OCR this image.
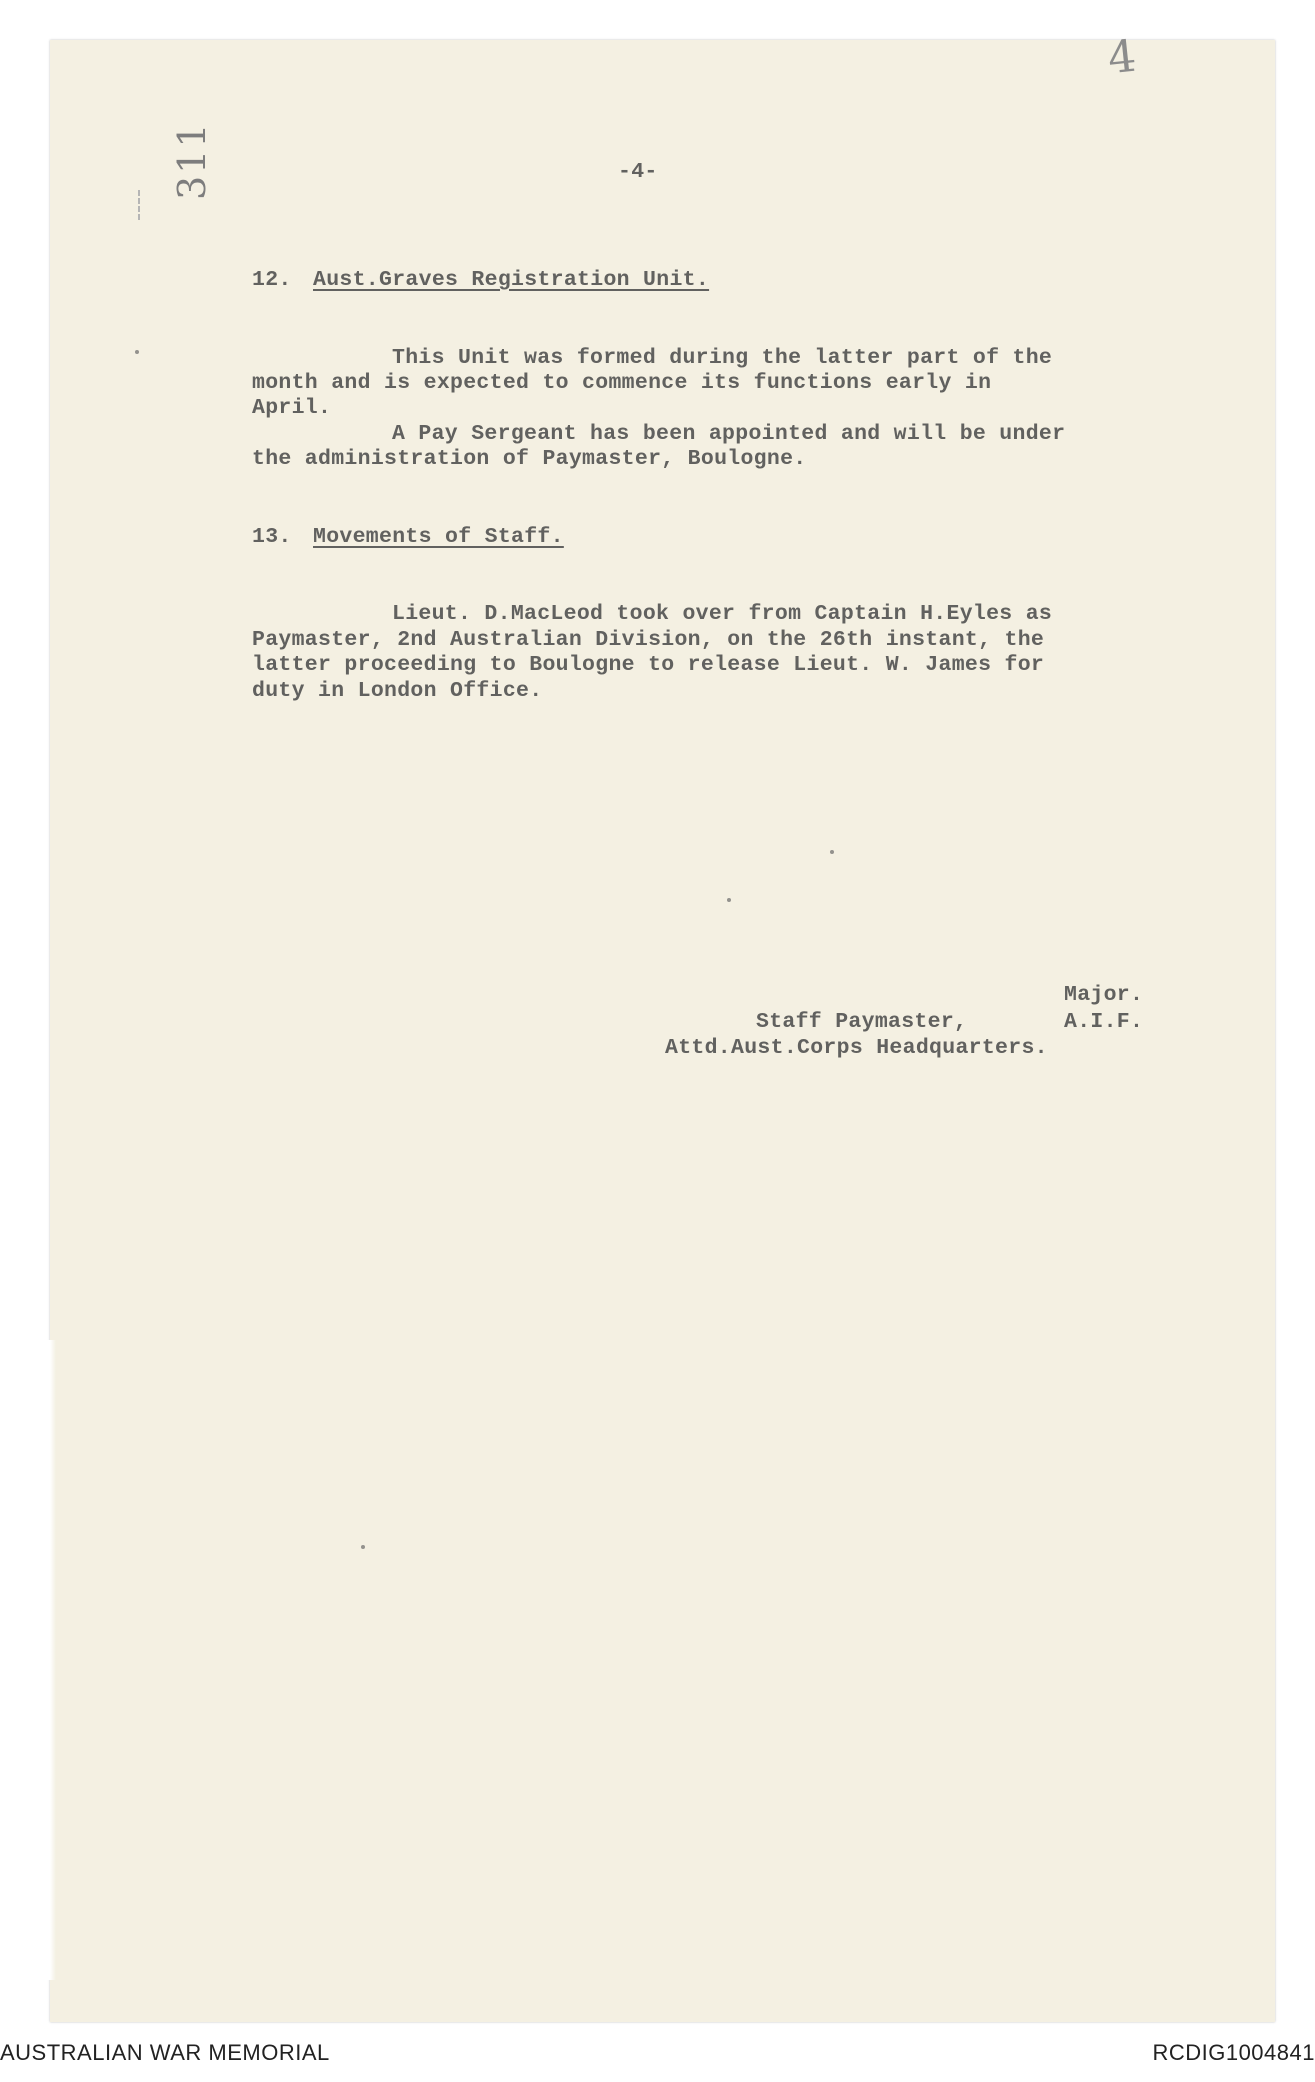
4
311	-4-
12. Aust.Graves Registration Unit.
This Unit was formed during the latter part of the
month and is expected to commence its functions early in
April.
A Pay Sergeant has been appointed and will be under
the administration of Paymaster, Boulogne.
13. Movements of Staff.
Lieut. D.MacLeod took over from Captain H.Eyles as
Paymaster, 2nd Australian Division, on the 26th instant, the
latter proceeding to Boulogne to release Lieut. W. James for
duty in London Office.
Major.
Staff Paymaster,	A.I.F.
Attd.Aust.Corps Headquarters.
AUSTRALIAN WAR MEMORIAL	RCDIG1004841
